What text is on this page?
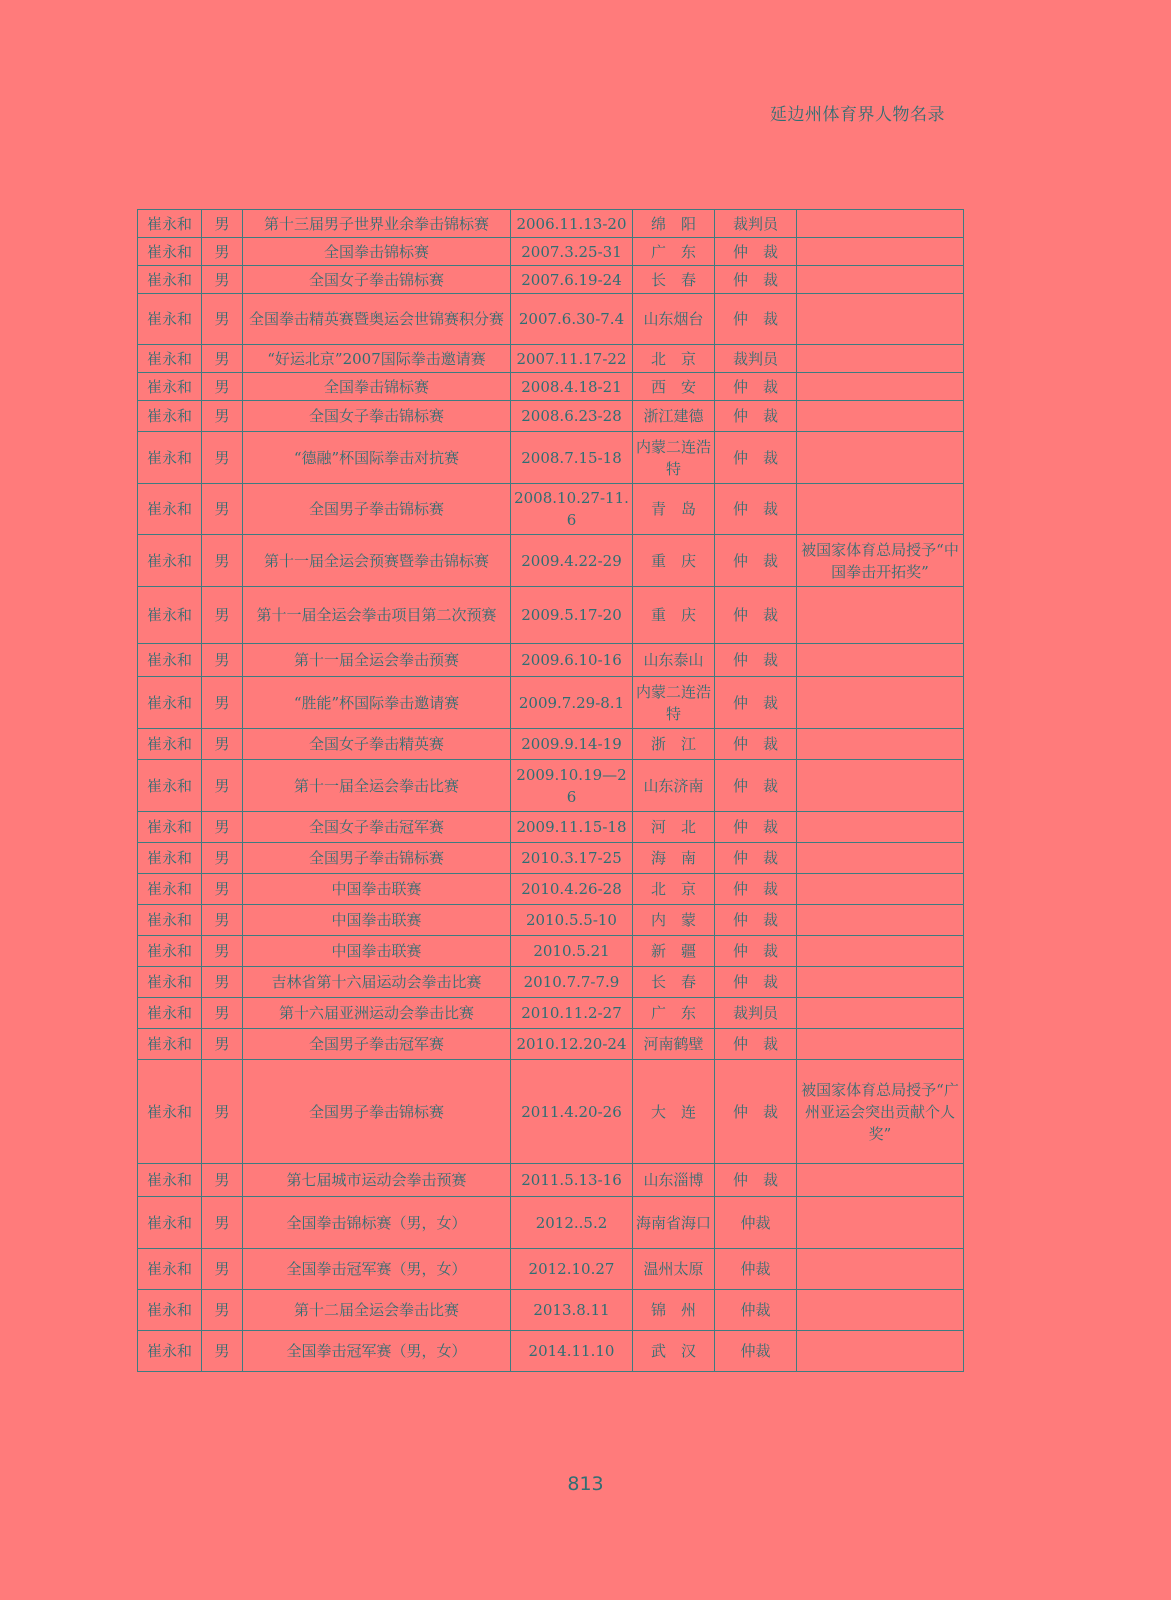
延边州体育界人物名录
崔永和	男	第十三届男子世界业余拳击锦标赛	2006.11.13-20	绵　阳	裁判员	
崔永和	男	全国拳击锦标赛	2007.3.25-31	广　东	仲　裁	
崔永和	男	全国女子拳击锦标赛	2007.6.19-24	长　春	仲　裁	
崔永和	男	全国拳击精英赛暨奥运会世锦赛积分赛	2007.6.30-7.4	山东烟台	仲　裁	
崔永和	男	“好运北京”2007国际拳击邀请赛	2007.11.17-22	北　京	裁判员	
崔永和	男	全国拳击锦标赛	2008.4.18-21	西　安	仲　裁	
崔永和	男	全国女子拳击锦标赛	2008.6.23-28	浙江建德	仲　裁	
崔永和	男	“德融”杯国际拳击对抗赛	2008.7.15-18	内蒙二连浩特	仲　裁	
崔永和	男	全国男子拳击锦标赛	2008.10.27-11.6	青　岛	仲　裁	
崔永和	男	第十一届全运会预赛暨拳击锦标赛	2009.4.22-29	重　庆	仲　裁	被国家体育总局授予“中国拳击开拓奖”
崔永和	男	第十一届全运会拳击项目第二次预赛	2009.5.17-20	重　庆	仲　裁	
崔永和	男	第十一届全运会拳击预赛	2009.6.10-16	山东泰山	仲　裁	
崔永和	男	“胜能”杯国际拳击邀请赛	2009.7.29-8.1	内蒙二连浩特	仲　裁	
崔永和	男	全国女子拳击精英赛	2009.9.14-19	浙　江	仲　裁	
崔永和	男	第十一届全运会拳击比赛	2009.10.19—26	山东济南	仲　裁	
崔永和	男	全国女子拳击冠军赛	2009.11.15-18	河　北	仲　裁	
崔永和	男	全国男子拳击锦标赛	2010.3.17-25	海　南	仲　裁	
崔永和	男	中国拳击联赛	2010.4.26-28	北　京	仲　裁	
崔永和	男	中国拳击联赛	2010.5.5-10	内　蒙	仲　裁	
崔永和	男	中国拳击联赛	2010.5.21	新　疆	仲　裁	
崔永和	男	吉林省第十六届运动会拳击比赛	2010.7.7-7.9	长　春	仲　裁	
崔永和	男	第十六届亚洲运动会拳击比赛	2010.11.2-27	广　东	裁判员	
崔永和	男	全国男子拳击冠军赛	2010.12.20-24	河南鹤壁	仲　裁	
崔永和	男	全国男子拳击锦标赛	2011.4.20-26	大　连	仲　裁	被国家体育总局授予“广州亚运会突出贡献个人奖”
崔永和	男	第七届城市运动会拳击预赛	2011.5.13-16	山东淄博	仲　裁	
崔永和	男	全国拳击锦标赛（男，女）	2012..5.2	海南省海口	仲裁	
崔永和	男	全国拳击冠军赛（男，女）	2012.10.27	温州太原	仲裁	
崔永和	男	第十二届全运会拳击比赛	2013.8.11	锦　州	仲裁	
崔永和	男	全国拳击冠军赛（男，女）	2014.11.10	武　汉	仲裁	
813
